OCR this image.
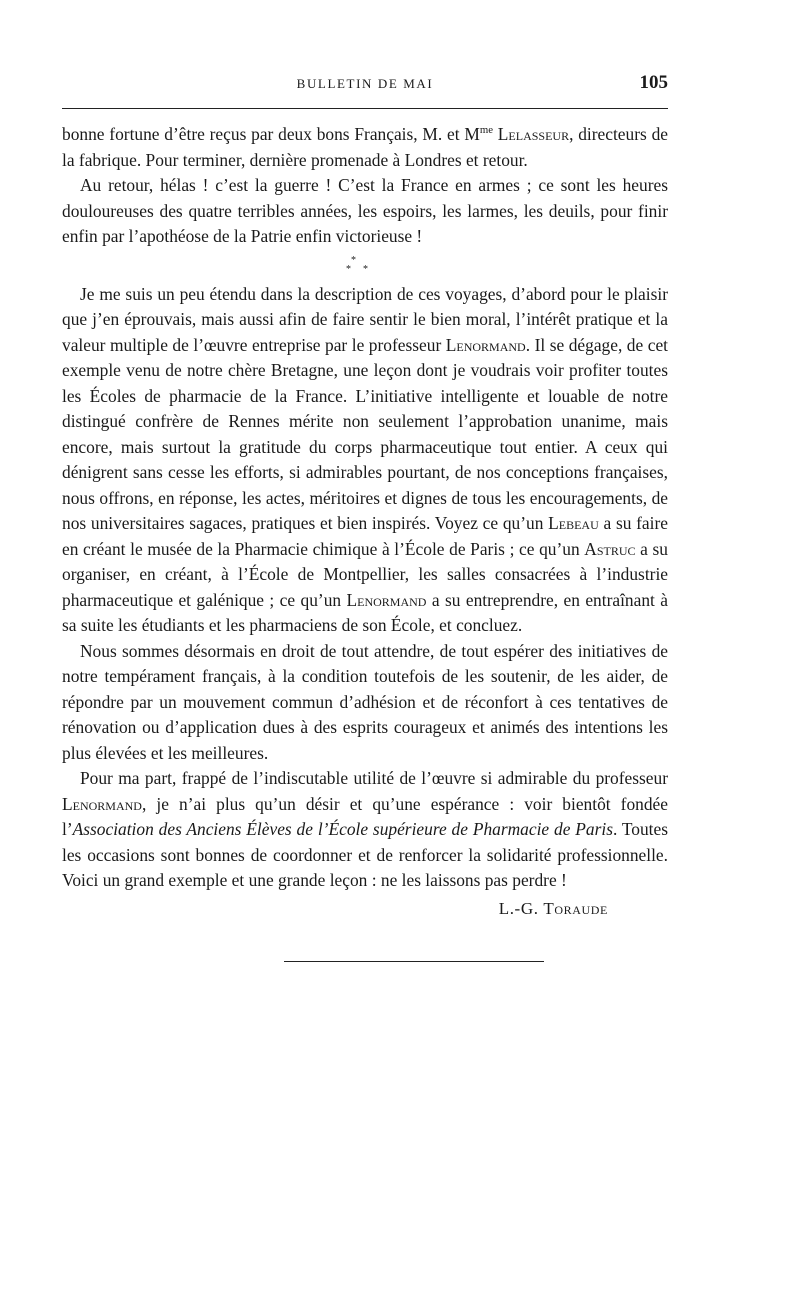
BULLETIN DE MAI	105

bonne fortune d’être reçus par deux bons Français, M. et $M^{me}$ Lelasseur, directeurs de la fabrique. Pour terminer, dernière promenade à Londres et retour.

Au retour, hélas ! c’est la guerre ! C’est la France en armes ; ce sont les heures douloureuses des quatre terribles années, les espoirs, les larmes, les deuils, pour finir enfin par l’apothéose de la Patrie enfin victorieuse !

*
* *

Je me suis un peu étendu dans la description de ces voyages, d’abord pour le plaisir que j’en éprouvais, mais aussi afin de faire sentir le bien moral, l’intérêt pratique et la valeur multiple de l’œuvre entreprise par le professeur Lenormand. Il se dégage, de cet exemple venu de notre chère Bretagne, une leçon dont je voudrais voir profiter toutes les Écoles de pharmacie de la France. L’initiative intelligente et louable de notre distingué confrère de Rennes mérite non seulement l’approbation unanime, mais encore, mais surtout la gratitude du corps pharmaceutique tout entier. A ceux qui dénigrent sans cesse les efforts, si admirables pourtant, de nos conceptions françaises, nous offrons, en réponse, les actes, méritoires et dignes de tous les encouragements, de nos universitaires sagaces, pratiques et bien inspirés. Voyez ce qu’un Lebeau a su faire en créant le musée de la Pharmacie chimique à l’École de Paris ; ce qu’un Astruc a su organiser, en créant, à l’École de Montpellier, les salles consacrées à l’industrie pharmaceutique et galénique ; ce qu’un Lenormand a su entreprendre, en entraînant à sa suite les étudiants et les pharmaciens de son École, et concluez.

Nous sommes désormais en droit de tout attendre, de tout espérer des initiatives de notre tempérament français, à la condition toutefois de les soutenir, de les aider, de répondre par un mouvement commun d’adhésion et de réconfort à ces tentatives de rénovation ou d’application dues à des esprits courageux et animés des intentions les plus élevées et les meilleures.

Pour ma part, frappé de l’indiscutable utilité de l’œuvre si admirable du professeur Lenormand, je n’ai plus qu’un désir et qu’une espérance : voir bientôt fondée l’Association des Anciens Élèves de l’École supérieure de Pharmacie de Paris. Toutes les occasions sont bonnes de coordonner et de renforcer la solidarité professionnelle. Voici un grand exemple et une grande leçon : ne les laissons pas perdre !

L.-G. Toraude
